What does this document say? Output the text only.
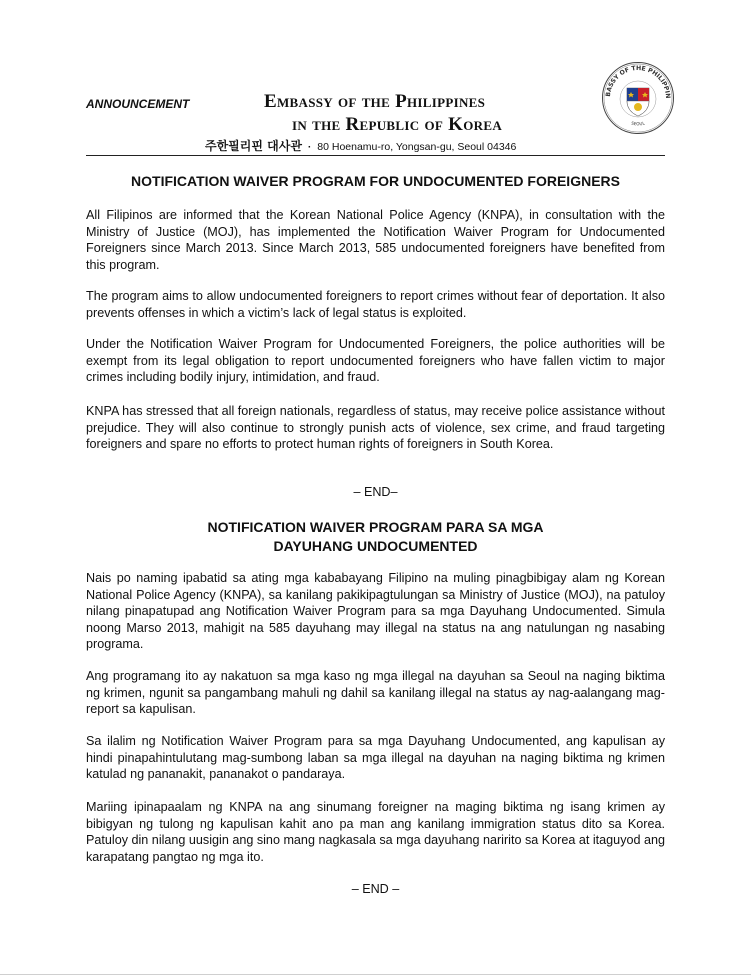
ANNOUNCEMENT	Embassy of the Philippines
in the Republic of Korea
주한필리핀 대사관 · 80 Hoenamu-ro, Yongsan-gu, Seoul 04346
BASSY OF THE PHILIPPIN
SEOUL
NOTIFICATION WAIVER PROGRAM FOR UNDOCUMENTED FOREIGNERS
All Filipinos are informed that the Korean National Police Agency (KNPA), in consultation with the Ministry of Justice (MOJ), has implemented the Notification Waiver Program for Undocumented Foreigners since March 2013. Since March 2013, 585 undocumented foreigners have benefited from this program.
The program aims to allow undocumented foreigners to report crimes without fear of deportation. It also prevents offenses in which a victim’s lack of legal status is exploited.
Under the Notification Waiver Program for Undocumented Foreigners, the police authorities will be exempt from its legal obligation to report undocumented foreigners who have fallen victim to major crimes including bodily injury, intimidation, and fraud.
KNPA has stressed that all foreign nationals, regardless of status, may receive police assistance without prejudice. They will also continue to strongly punish acts of violence, sex crime, and fraud targeting foreigners and spare no efforts to protect human rights of foreigners in South Korea.
– END–
NOTIFICATION WAIVER PROGRAM PARA SA MGA
DAYUHANG UNDOCUMENTED
Nais po naming ipabatid sa ating mga kababayang Filipino na muling pinagbibigay alam ng Korean National Police Agency (KNPA), sa kanilang pakikipagtulungan sa Ministry of Justice (MOJ), na patuloy nilang pinapatupad ang Notification Waiver Program para sa mga Dayuhang Undocumented. Simula noong Marso 2013, mahigit na 585 dayuhang may illegal na status na ang natulungan ng nasabing programa.
Ang programang ito ay nakatuon sa mga kaso ng mga illegal na dayuhan sa Seoul na naging biktima ng krimen, ngunit sa pangambang mahuli ng dahil sa kanilang illegal na status ay nag-aalangang mag-report sa kapulisan.
Sa ilalim ng Notification Waiver Program para sa mga Dayuhang Undocumented, ang kapulisan ay hindi pinapahintulutang mag-sumbong laban sa mga illegal na dayuhan na naging biktima ng krimen katulad ng pananakit, pananakot o pandaraya.
Mariing ipinapaalam ng KNPA na ang sinumang foreigner na maging biktima ng isang krimen ay bibigyan ng tulong ng kapulisan kahit ano pa man ang kanilang immigration status dito sa Korea. Patuloy din nilang uusigin ang sino mang nagkasala sa mga dayuhang naririto sa Korea at itaguyod ang karapatang pangtao ng mga ito.
– END –
